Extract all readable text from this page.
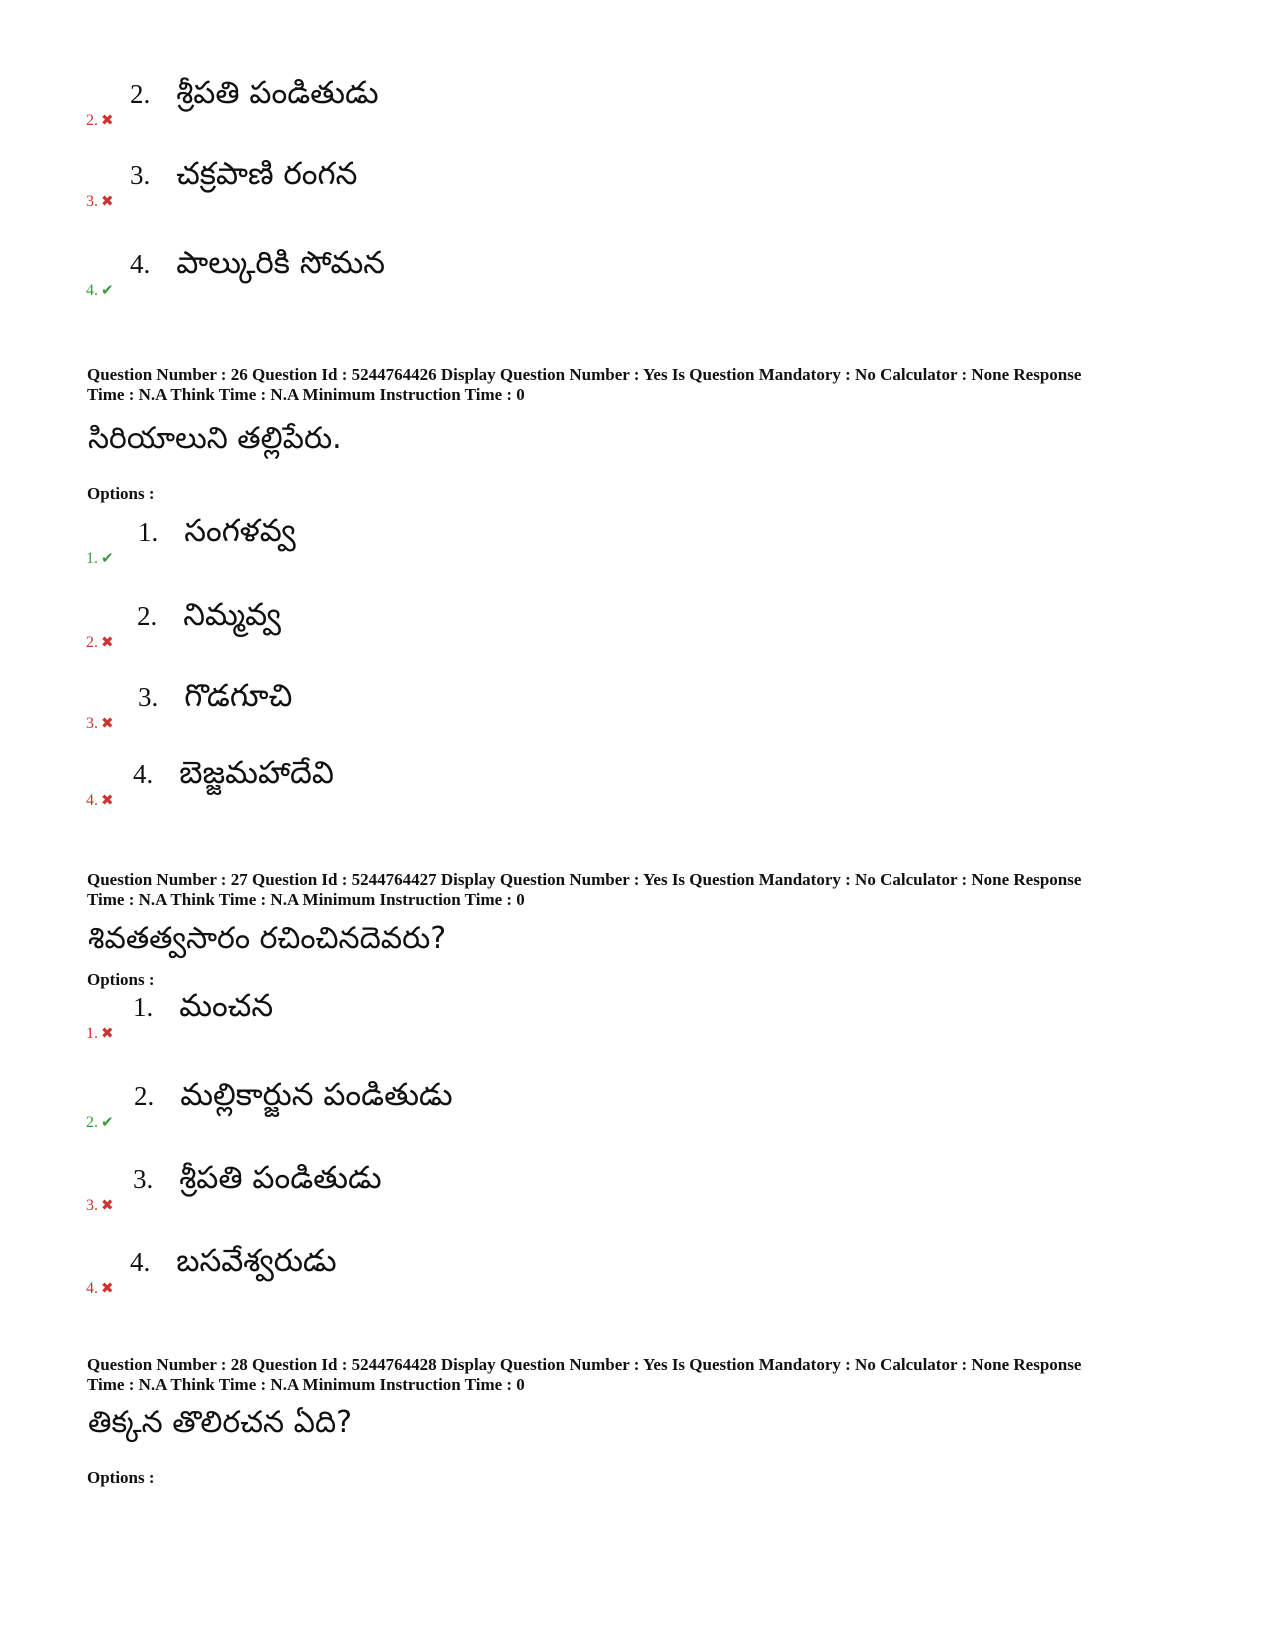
2. శ్రీపతి పండితుడు
2. ✖
3. చక్రపాణి రంగన
3. ✖
4. పాల్కురికి సోమన
4. ✔
Question Number : 26 Question Id : 5244764426 Display Question Number : Yes Is Question Mandatory : No Calculator : None Response
Time : N.A Think Time : N.A Minimum Instruction Time : 0
సిరియాలుని తల్లిపేరు.
Options :
1. సంగళవ్వ
1. ✔
2. నిమ్మవ్వ
2. ✖
3. గొడగూచి
3. ✖
4. బెజ్జమహాదేవి
4. ✖
Question Number : 27 Question Id : 5244764427 Display Question Number : Yes Is Question Mandatory : No Calculator : None Response
Time : N.A Think Time : N.A Minimum Instruction Time : 0
శివతత్వసారం రచించినదెవరు?
Options :
1. మంచన
1. ✖
2. మల్లికార్జున పండితుడు
2. ✔
3. శ్రీపతి పండితుడు
3. ✖
4. బసవేశ్వరుడు
4. ✖
Question Number : 28 Question Id : 5244764428 Display Question Number : Yes Is Question Mandatory : No Calculator : None Response
Time : N.A Think Time : N.A Minimum Instruction Time : 0
తిక్కన తొలిరచన ఏది?
Options :
